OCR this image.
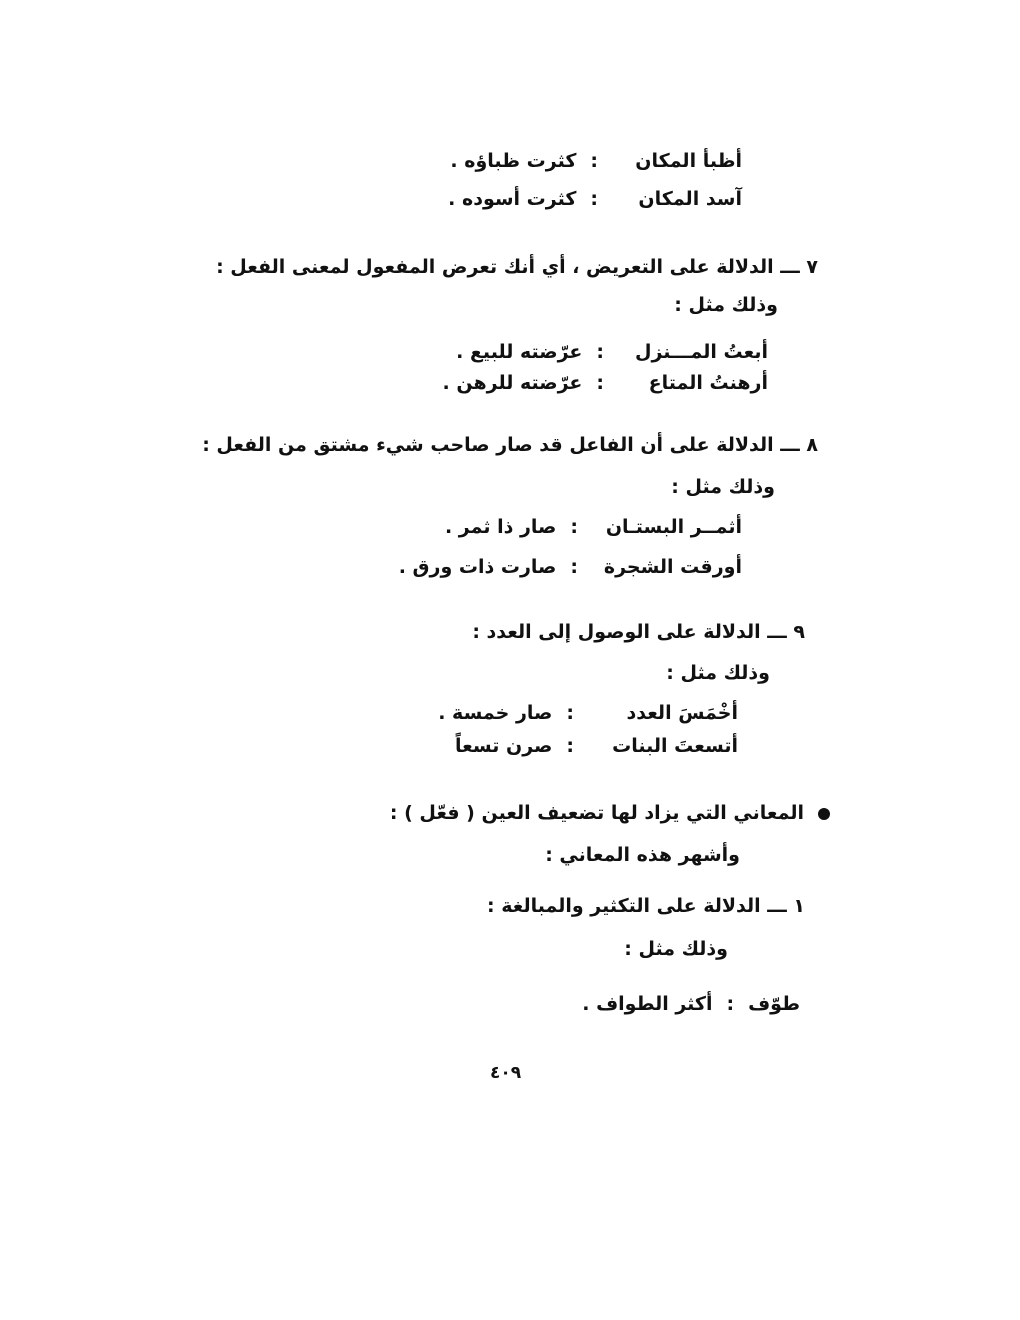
أظبأ المكان
:
كثرت ظباؤه .
آسد المكان
:
كثرت أسوده .
٧ ـــ الدلالة على التعريض ، أي أنك تعرض المفعول لمعنى الفعل :
وذلك مثل :
أبعتُ المـــنزل
:
عرّضته للبيع .
أرهنتُ المتاع
:
عرّضته للرهن .
٨ ـــ الدلالة على أن الفاعل قد صار صاحب شيء مشتق من الفعل :
وذلك مثل :
أثمــر البستـان
:
صار ذا ثمر .
أورقت الشجرة
:
صارت ذات ورق .
٩ ـــ الدلالة على الوصول إلى العدد :
وذلك مثل :
أخْمَسَ العدد
:
صار خمسة .
أتسعتَ البنات
:
صرن تسعاً
المعاني التي يزاد لها تضعيف العين ( فعّل ) :
وأشهر هذه المعاني :
١ ـــ الدلالة على التكثير والمبالغة :
وذلك مثل :
طوّف
:
أكثر الطواف .
٤٠٩
